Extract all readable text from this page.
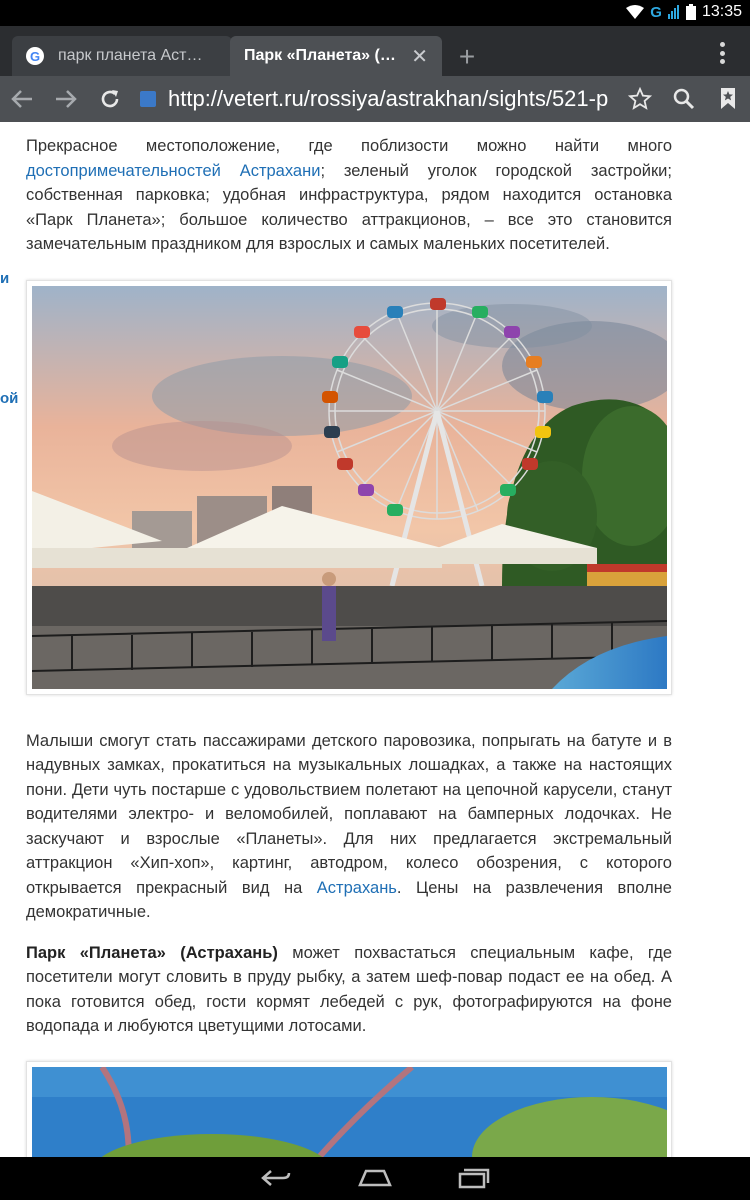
G	13:35
G парк планета Аст…	Парк «Планета» (… ✕	+
http://vetert.ru/rossiya/astrakhan/sights/521-p
и
ой

Прекрасное местоположение, где поблизости можно найти много достопримечательностей Астрахани; зеленый уголок городской застройки; собственная парковка; удобная инфраструктура, рядом находится остановка «Парк Планета»; большое количество аттракционов, – все это становится замечательным праздником для взрослых и самых маленьких посетителей.

Малыши смогут стать пассажирами детского паровозика, попрыгать на батуте и в надувных замках, прокатиться на музыкальных лошадках, а также на настоящих пони. Дети чуть постарше с удовольствием полетают на цепочной карусели, станут водителями электро- и веломобилей, поплавают на бамперных лодочках. Не заскучают и взрослые «Планеты». Для них предлагается экстремальный аттракцион «Хип-хоп», картинг, автодром, колесо обозрения, с которого открывается прекрасный вид на Астрахань. Цены на развлечения вполне демократичные.

Парк «Планета» (Астрахань) может похвастаться специальным кафе, где посетители могут словить в пруду рыбку, а затем шеф-повар подаст ее на обед. А пока готовится обед, гости кормят лебедей с рук, фотографируются на фоне водопада и любуются цветущими лотосами.
